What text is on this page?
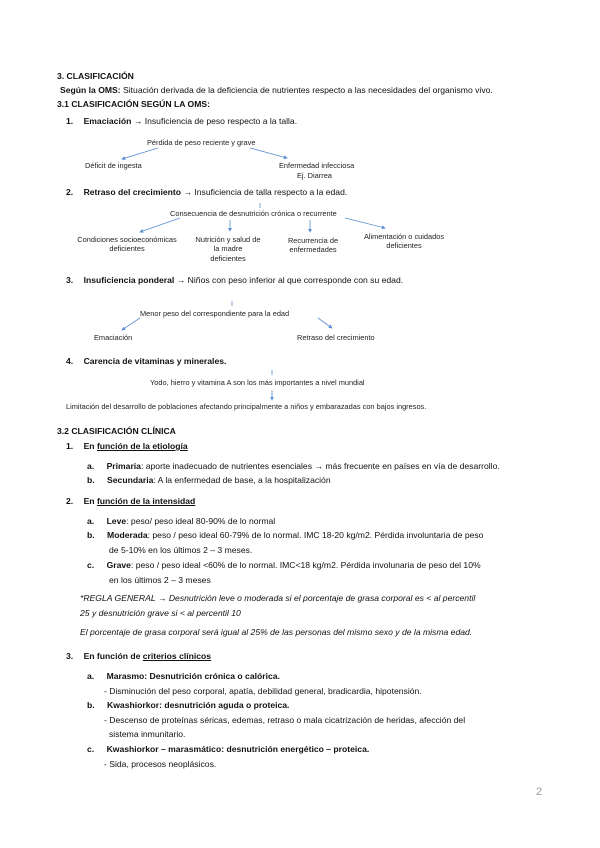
3. CLASIFICACIÓN
Según la OMS: Situación derivada de la deficiencia de nutrientes respecto a las necesidades del organismo vivo.
3.1 CLASIFICACIÓN SEGÚN LA OMS:
1. Emaciación → Insuficiencia de peso respecto a la talla.
Pérdida de peso reciente y grave
Déficit de ingesta	Enfermedad infecciosa
Ej. Diarrea
2. Retraso del crecimiento → Insuficiencia de talla respecto a la edad.
Consecuencia de desnutrición crónica o recurrente
Condiciones socioeconómicas
deficientes
Nutrición y salud de
la madre
deficientes
Recurrencia de
enfermedades
Alimentación o cuidados
deficientes
3. Insuficiencia ponderal → Niños con peso inferior al que corresponde con su edad.
Menor peso del correspondiente para la edad
Emaciación	Retraso del crecimiento
4. Carencia de vitaminas y minerales.
Yodo, hierro y vitamina A son los más importantes a nivel mundial
Limitación del desarrollo de poblaciones afectando principalmente a niños y embarazadas con bajos ingresos.
3.2 CLASIFICACIÓN CLÍNICA
1. En función de la etiología
a. Primaria: aporte inadecuado de nutrientes esenciales → más frecuente en países en vía de desarrollo.
b. Secundaria: A la enfermedad de base, a la hospitalización
2. En función de la intensidad
a. Leve: peso/ peso ideal 80-90% de lo normal
b. Moderada: peso / peso ideal 60-79% de lo normal. IMC 18-20 kg/m2. Pérdida involuntaria de peso
de 5-10% en los últimos 2 – 3 meses.
c. Grave: peso / peso ideal <60% de lo normal. IMC<18 kg/m2. Pérdida involunaria de peso del 10%
en los últimos 2 – 3 meses
*REGLA GENERAL → Desnutrición leve o moderada si el porcentaje de grasa corporal es < al percentil
25 y desnutrición grave si < al percentil 10
El porcentaje de grasa corporal será igual al 25% de las personas del mismo sexo y de la misma edad.
3. En función de criterios clínicos
a. Marasmo: Desnutrición crónica o calórica.
- Disminución del peso corporal, apatía, debilidad general, bradicardia, hipotensión.
b. Kwashiorkor: desnutrición aguda o proteica.
- Descenso de proteínas séricas, edemas, retraso o mala cicatrización de heridas, afección del
sistema inmunitario.
c. Kwashiorkor – marasmático: desnutrición energético – proteica.
- Sida, procesos neoplásicos.
2
